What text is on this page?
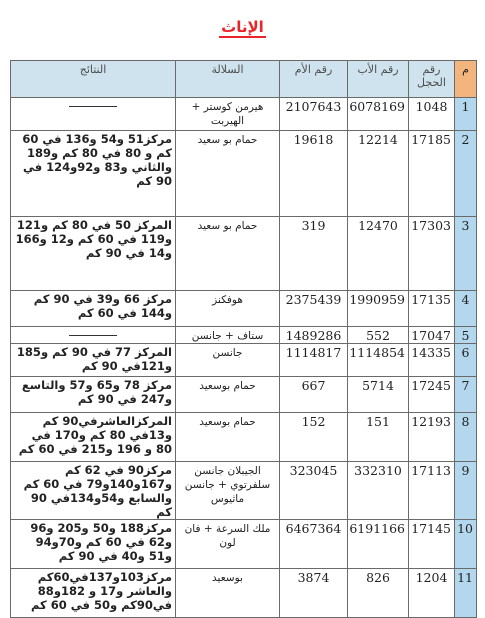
الإناث
م	رقم الحجل	رقم الأب	رقم الأم	السلالة	النتائج
1	1048	6078169	2107643	هيرمن كوستر + الهيربت	

2	17185	12214	19618	حمام بو سعيد	مركز51 و54 و136 في 60 كم و 80 في 80 كم و189 والثاني و83 و92و124 في 90 كم
3	17303	12470	319	حمام بو سعيد	المركز 50 في 80 كم و121 و119 في 60 كم و12 و166 و14 في 90 كم
4	17135	1990959	2375439	هوفكنز	مركز 66 و39 في 90 كم و144 في 60 كم
5	17047	552	1489286	ستاف + جانسن	

6	14335	1114854	1114817	جانسن	المركز 77 في 90 كم و185 و121في 90 كم
7	17245	5714	667	حمام بوسعيد	مركز 78 و65 و57 والتاسع و247 في 90 كم
8	12193	151	152	حمام بوسعيد	المركزالعاشرفي90 كم و13في 80 كم و170 في 80 و 196 و215 في 60 كم
9	17113	332310	323045	الجيبلان جانسن سلفرتوي + جانسن ماثيوس	مركز90 في 62 كم و167و140و79 في 60 كم والسابع و54و134في 90 كم
10	17145	6191166	6467364	ملك السرعة + فان لون	مركز188 و50 و205 و96 و62 في 60 كم و70و94 و51 و40 في 90 كم
11	1204	826	3874	بوسعيد	مركز103و137في60كم والعاشر و17 و 182و88 في90كم و50 في 60 كم
